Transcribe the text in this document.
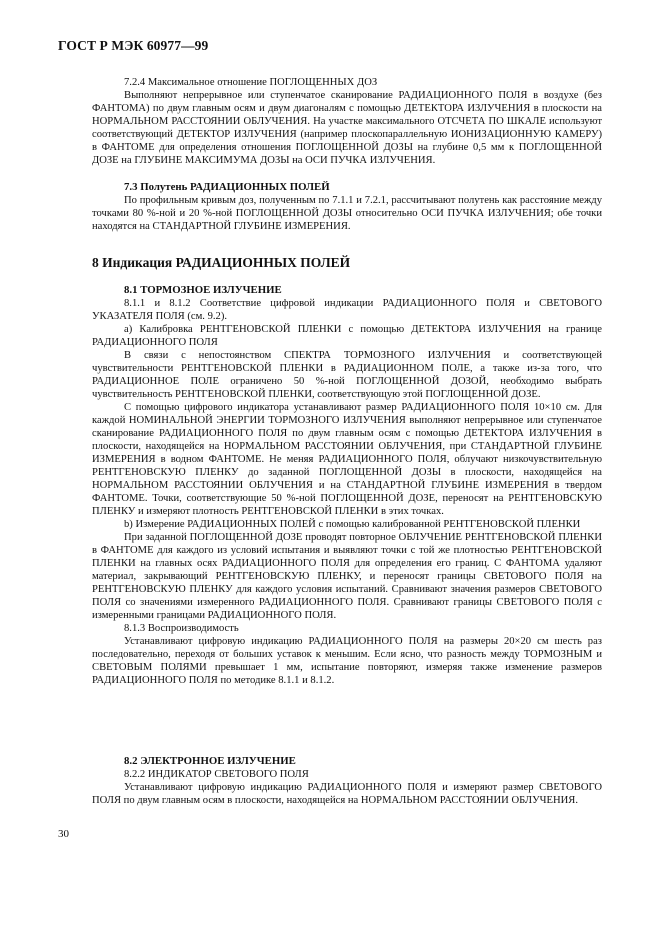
ГОСТ Р МЭК 60977—99

7.2.4 Максимальное отношение ПОГЛОЩЕННЫХ ДОЗ

Выполняют непрерывное или ступенчатое сканирование РАДИАЦИОННОГО ПОЛЯ в воздухе (без ФАНТОМА) по двум главным осям и двум диагоналям с помощью ДЕТЕКТОРА ИЗЛУЧЕНИЯ в плоскости на НОРМАЛЬНОМ РАССТОЯНИИ ОБЛУЧЕНИЯ. На участке максимального ОТСЧЕТА ПО ШКАЛЕ используют соответствующий ДЕТЕКТОР ИЗЛУЧЕНИЯ (например плоскопараллельную ИОНИЗАЦИОННУЮ КАМЕРУ) в ФАНТОМЕ для определения отношения ПОГЛОЩЕННОЙ ДОЗЫ на глубине 0,5 мм к ПОГЛОЩЕННОЙ ДОЗЕ на ГЛУБИНЕ МАКСИМУМА ДОЗЫ на ОСИ ПУЧКА ИЗЛУЧЕНИЯ.

7.3 Полутень РАДИАЦИОННЫХ ПОЛЕЙ

По профильным кривым доз, полученным по 7.1.1 и 7.2.1, рассчитывают полутень как расстояние между точками 80 %-ной и 20 %-ной ПОГЛОЩЕННОЙ ДОЗЫ относительно ОСИ ПУЧКА ИЗЛУЧЕНИЯ; обе точки находятся на СТАНДАРТНОЙ ГЛУБИНЕ ИЗМЕРЕНИЯ.

8 Индикация РАДИАЦИОННЫХ ПОЛЕЙ

8.1 ТОРМОЗНОЕ ИЗЛУЧЕНИЕ

8.1.1 и 8.1.2 Соответствие цифровой индикации РАДИАЦИОННОГО ПОЛЯ и СВЕТОВОГО УКАЗАТЕЛЯ ПОЛЯ (см. 9.2).

а) Калибровка РЕНТГЕНОВСКОЙ ПЛЕНКИ с помощью ДЕТЕКТОРА ИЗЛУЧЕНИЯ на границе РАДИАЦИОННОГО ПОЛЯ

В связи с непостоянством СПЕКТРА ТОРМОЗНОГО ИЗЛУЧЕНИЯ и соответствующей чувствительности РЕНТГЕНОВСКОЙ ПЛЕНКИ в РАДИАЦИОННОМ ПОЛЕ, а также из-за того, что РАДИАЦИОННОЕ ПОЛЕ ограничено 50 %-ной ПОГЛОЩЕННОЙ ДОЗОЙ, необходимо выбрать чувствительность РЕНТГЕНОВСКОЙ ПЛЕНКИ, соответствующую этой ПОГЛОЩЕННОЙ ДОЗЕ.

С помощью цифрового индикатора устанавливают размер РАДИАЦИОННОГО ПОЛЯ 10×10 см. Для каждой НОМИНАЛЬНОЙ ЭНЕРГИИ ТОРМОЗНОГО ИЗЛУЧЕНИЯ выполняют непрерывное или ступенчатое сканирование РАДИАЦИОННОГО ПОЛЯ по двум главным осям с помощью ДЕТЕКТОРА ИЗЛУЧЕНИЯ в плоскости, находящейся на НОРМАЛЬНОМ РАССТОЯНИИ ОБЛУЧЕНИЯ, при СТАНДАРТНОЙ ГЛУБИНЕ ИЗМЕРЕНИЯ в водном ФАНТОМЕ. Не меняя РАДИАЦИОННОГО ПОЛЯ, облучают низкочувствительную РЕНТГЕНОВСКУЮ ПЛЕНКУ до заданной ПОГЛОЩЕННОЙ ДОЗЫ в плоскости, находящейся на НОРМАЛЬНОМ РАССТОЯНИИ ОБЛУЧЕНИЯ и на СТАНДАРТНОЙ ГЛУБИНЕ ИЗМЕРЕНИЯ в твердом ФАНТОМЕ. Точки, соответствующие 50 %-ной ПОГЛОЩЕННОЙ ДОЗЕ, переносят на РЕНТГЕНОВСКУЮ ПЛЕНКУ и измеряют плотность РЕНТГЕНОВСКОЙ ПЛЕНКИ в этих точках.

b) Измерение РАДИАЦИОННЫХ ПОЛЕЙ с помощью калиброванной РЕНТГЕНОВСКОЙ ПЛЕНКИ

При заданной ПОГЛОЩЕННОЙ ДОЗЕ проводят повторное ОБЛУЧЕНИЕ РЕНТГЕНОВСКОЙ ПЛЕНКИ в ФАНТОМЕ для каждого из условий испытания и выявляют точки с той же плотностью РЕНТГЕНОВСКОЙ ПЛЕНКИ на главных осях РАДИАЦИОННОГО ПОЛЯ для определения его границ. С ФАНТОМА удаляют материал, закрывающий РЕНТГЕНОВСКУЮ ПЛЕНКУ, и переносят границы СВЕТОВОГО ПОЛЯ на РЕНТГЕНОВСКУЮ ПЛЕНКУ для каждого условия испытаний. Сравнивают значения размеров СВЕТОВОГО ПОЛЯ со значениями измеренного РАДИАЦИОННОГО ПОЛЯ. Сравнивают границы СВЕТОВОГО ПОЛЯ с измеренными границами РАДИАЦИОННОГО ПОЛЯ.

8.1.3 Воспроизводимость

Устанавливают цифровую индикацию РАДИАЦИОННОГО ПОЛЯ на размеры 20×20 см шесть раз последовательно, переходя от больших уставок к меньшим. Если ясно, что разность между ТОРМОЗНЫМ и СВЕТОВЫМ ПОЛЯМИ превышает 1 мм, испытание повторяют, измеряя также изменение размеров РАДИАЦИОННОГО ПОЛЯ по методике 8.1.1 и 8.1.2.

8.2 ЭЛЕКТРОННОЕ ИЗЛУЧЕНИЕ

8.2.2 ИНДИКАТОР СВЕТОВОГО ПОЛЯ

Устанавливают цифровую индикацию РАДИАЦИОННОГО ПОЛЯ и измеряют размер СВЕТОВОГО ПОЛЯ по двум главным осям в плоскости, находящейся на НОРМАЛЬНОМ РАССТОЯНИИ ОБЛУЧЕНИЯ.

30
